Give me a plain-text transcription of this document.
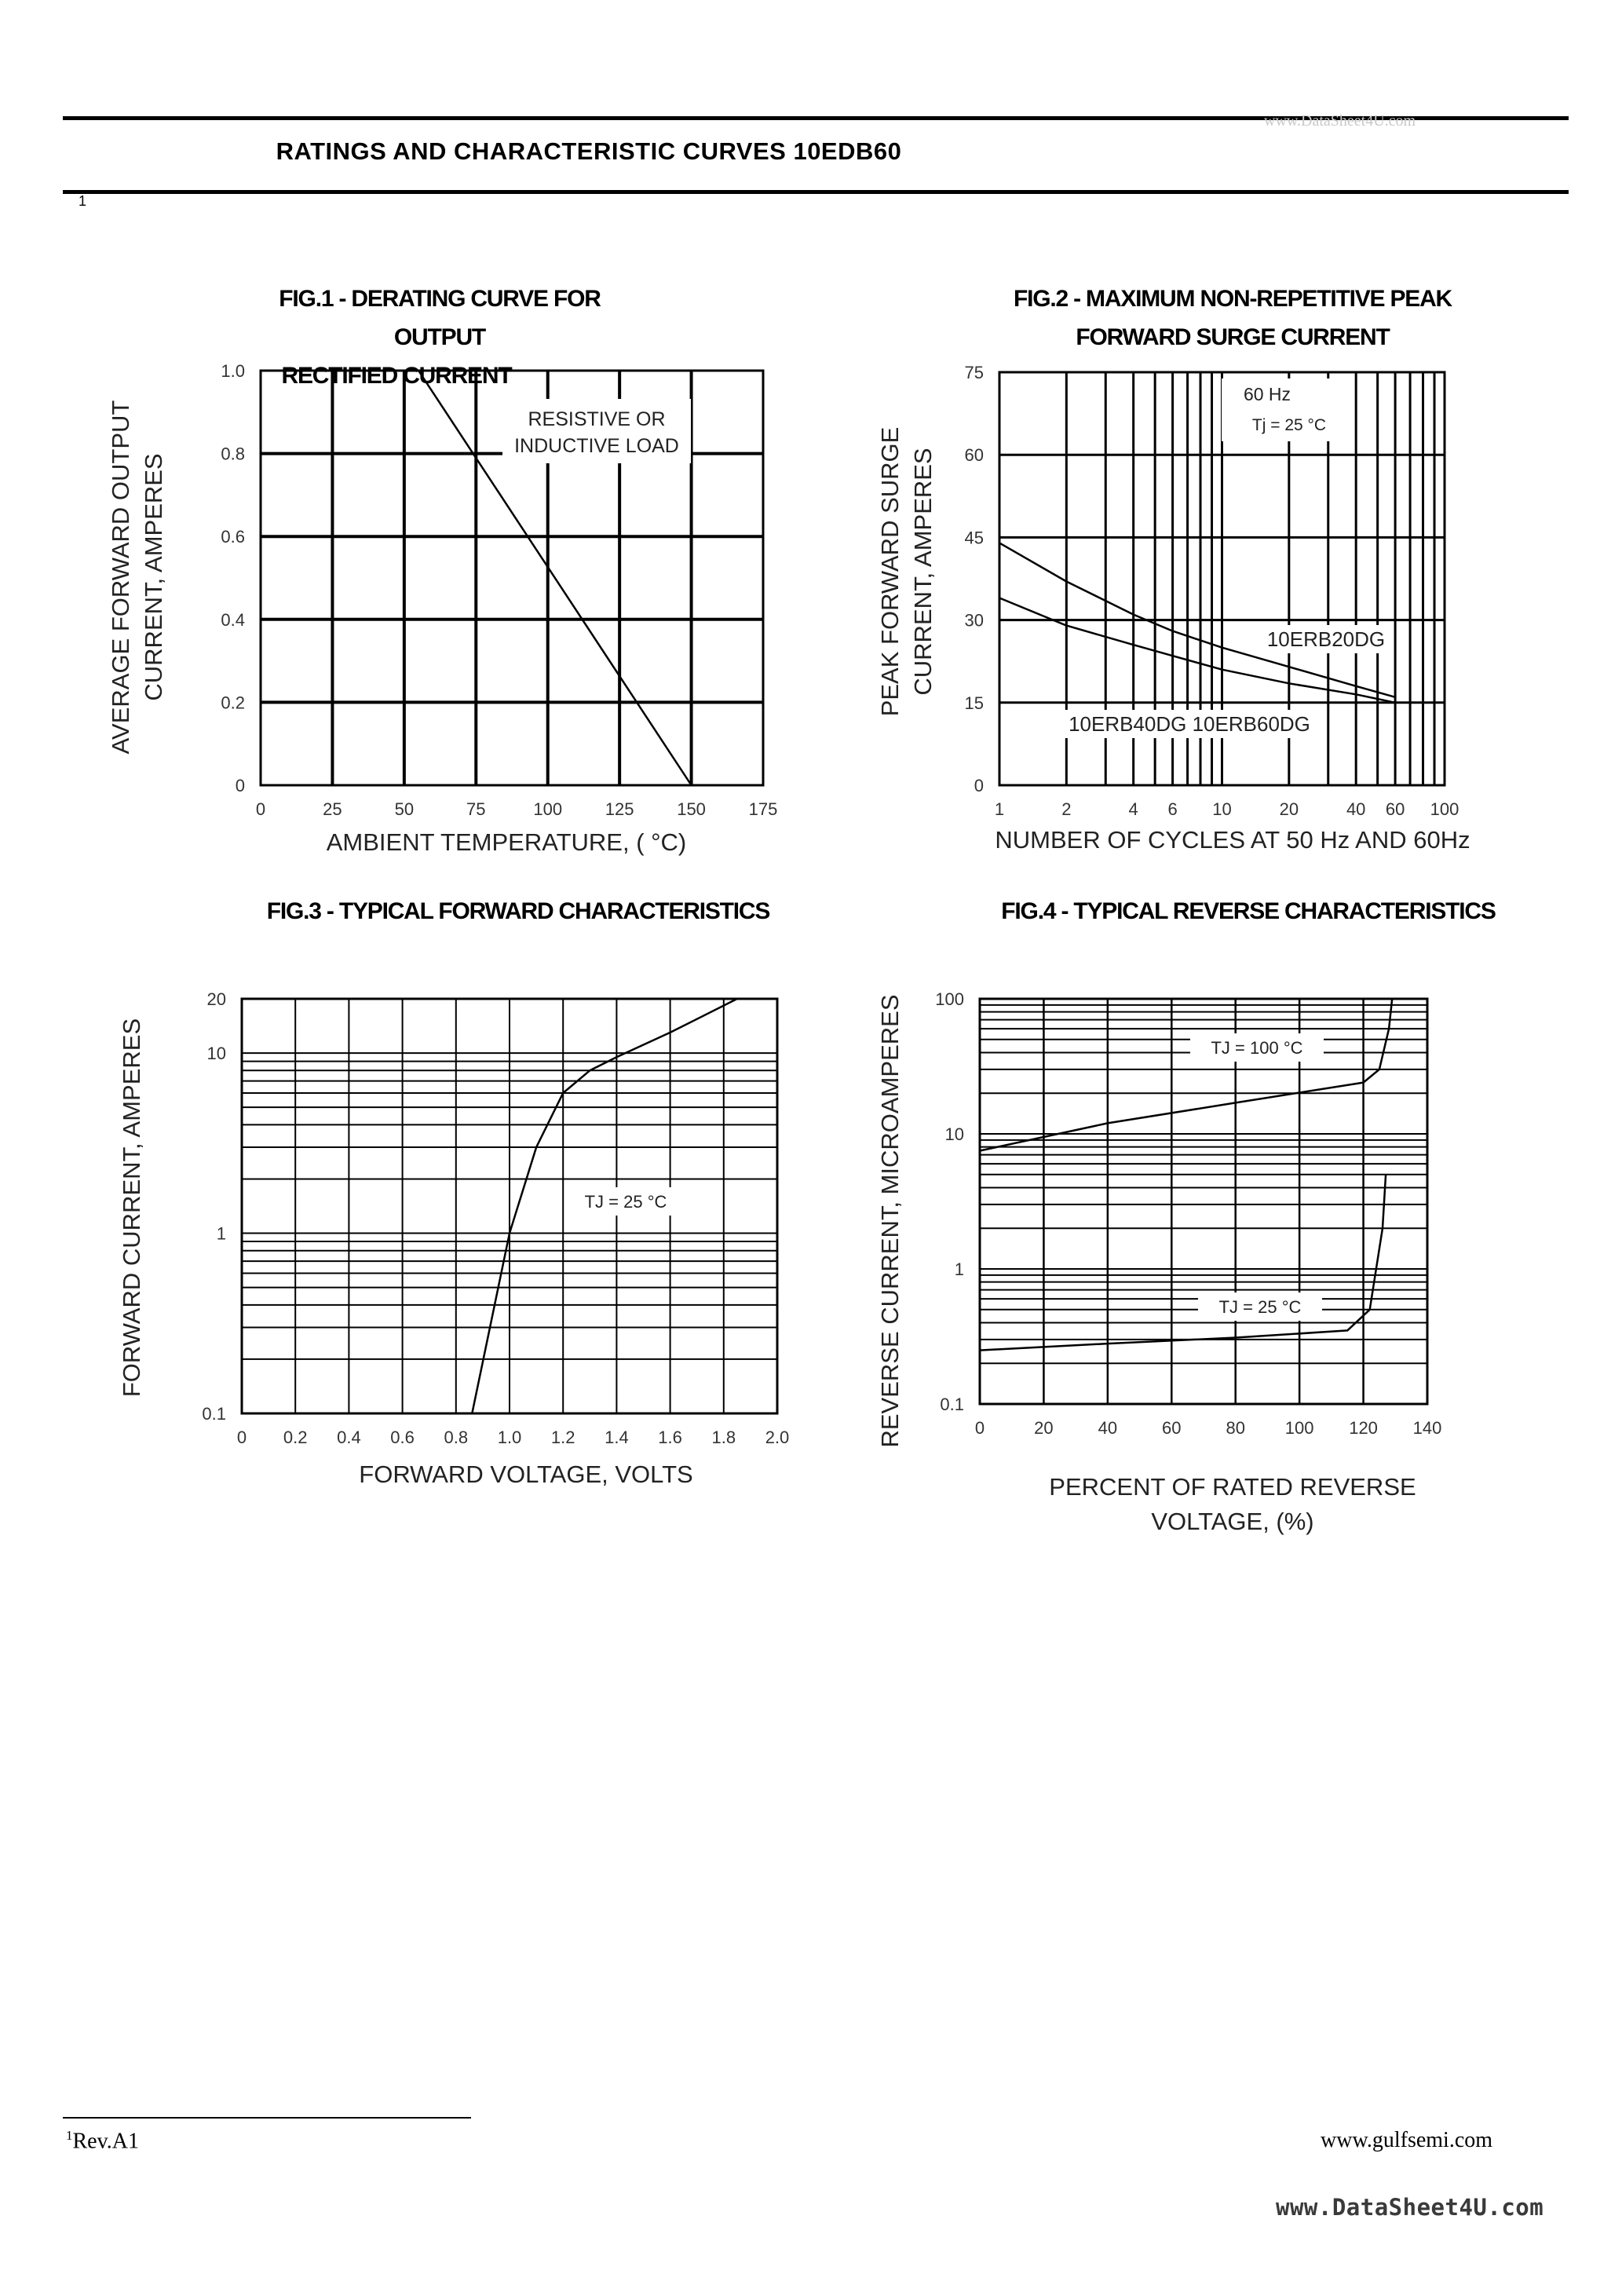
www.DataSheet4U.com
RATINGS AND CHARACTERISTIC CURVES 10EDB60
1
FIG.1 - DERATING CURVE FOR OUTPUT
RECTIFIED CURRENT
FIG.2 - MAXIMUM NON-REPETITIVE PEAK
FORWARD SURGE CURRENT
FIG.3 - TYPICAL FORWARD CHARACTERISTICS	FIG.4 - TYPICAL REVERSE CHARACTERISTICS
0	25	50	75	100 125 150 175
0
0.2
0.4
0.6
0.8
1.0
RESISTIVE OR
INDUCTIVE LOAD
AMBIENT TEMPERATURE, ( °C)
AVERAGE FORWARD OUTPUT CURRENT, AMPERES
60 Hz
Tj = 25 °C
1	2	4 6 10	20	40 60 100
0
15
30
45
60
75
10ERB20DG
10ERB40DG 10ERB60DG
NUMBER OF CYCLES AT 50 Hz AND 60Hz
PEAK FORWARD SURGE CURRENT, AMPERES
TJ = 25 °C
0 0.2 0.4 0.6 0.8 1.0 1.2 1.4 1.6 1.8 2.0
0.1
1
10
20
FORWARD VOLTAGE, VOLTS
FORWARD CURRENT, AMPERES
0	20	40	60	80 100 120 140
0.1
1
10
100
TJ = 100 °C
TJ = 25 °C
PERCENT OF RATED REVERSE
VOLTAGE, (%)
REVERSE CURRENT, MICROAMPERES
$^1$Rev.A1	www.gulfsemi.com
www.DataSheet4U.com
